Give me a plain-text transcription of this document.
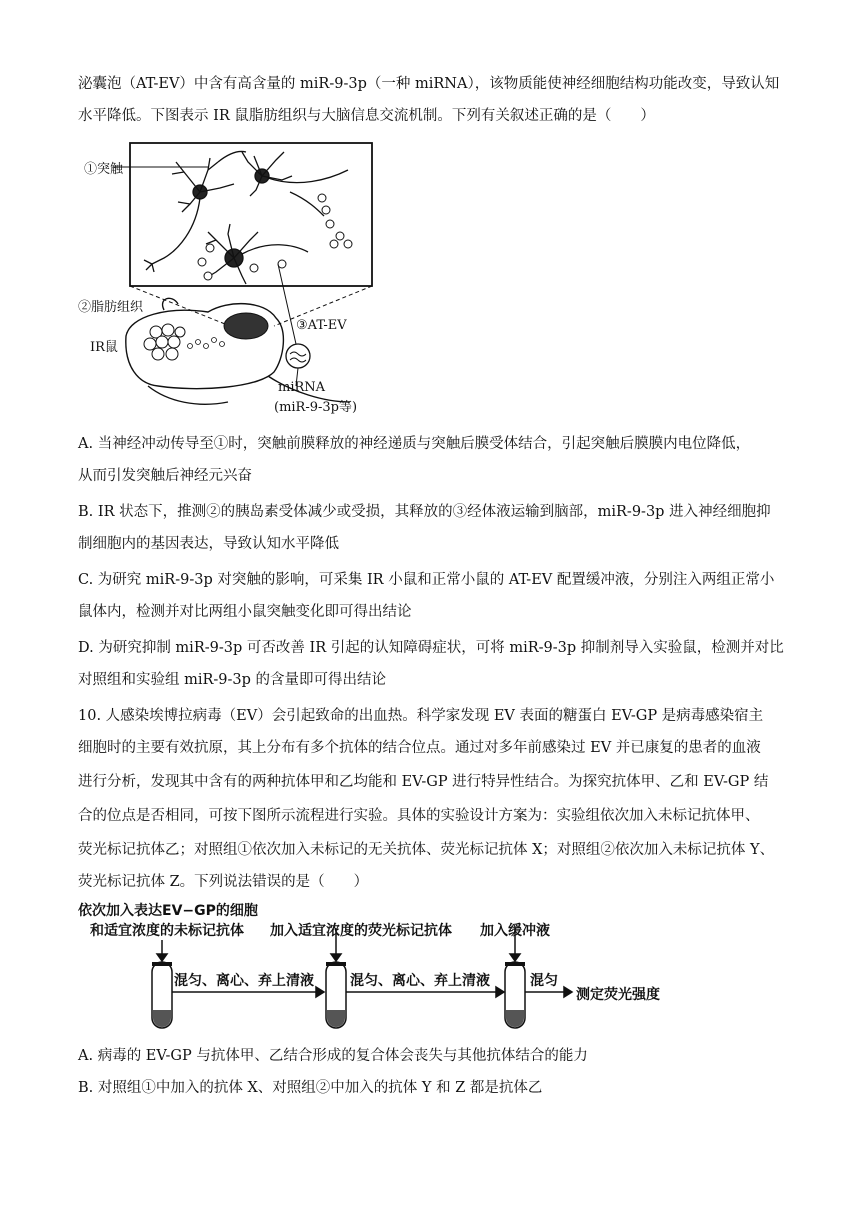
泌囊泡（AT-EV）中含有高含量的 miR-9-3p（一种 miRNA），该物质能使神经细胞结构功能改变，导致认知
水平降低。下图表示 IR 鼠脂肪组织与大脑信息交流机制。下列有关叙述正确的是（　　）
①突触
②脂肪组织
IR鼠
③AT-EV
miRNA
(miR-9-3p等)
A. 当神经冲动传导至①时，突触前膜释放的神经递质与突触后膜受体结合，引起突触后膜膜内电位降低，
从而引发突触后神经元兴奋
B. IR 状态下，推测②的胰岛素受体减少或受损，其释放的③经体液运输到脑部，miR-9-3p 进入神经细胞抑
制细胞内的基因表达，导致认知水平降低
C. 为研究 miR-9-3p 对突触的影响，可采集 IR 小鼠和正常小鼠的 AT-EV 配置缓冲液，分别注入两组正常小
鼠体内，检测并对比两组小鼠突触变化即可得出结论
D. 为研究抑制 miR-9-3p 可否改善 IR 引起的认知障碍症状，可将 miR-9-3p 抑制剂导入实验鼠，检测并对比
对照组和实验组 miR-9-3p 的含量即可得出结论
10. 人感染埃博拉病毒（EV）会引起致命的出血热。科学家发现 EV 表面的糖蛋白 EV-GP 是病毒感染宿主
细胞时的主要有效抗原，其上分布有多个抗体的结合位点。通过对多年前感染过 EV 并已康复的患者的血液
进行分析，发现其中含有的两种抗体甲和乙均能和 EV-GP 进行特异性结合。为探究抗体甲、乙和 EV-GP 结
合的位点是否相同，可按下图所示流程进行实验。具体的实验设计方案为：实验组依次加入未标记抗体甲、
荧光标记抗体乙；对照组①依次加入未标记的无关抗体、荧光标记抗体 X；对照组②依次加入未标记抗体 Y、
荧光标记抗体 Z。下列说法错误的是（　　）
依次加入表达EV−GP的细胞
和适宜浓度的未标记抗体 加入适宜浓度的荧光标记抗体 加入缓冲液
混匀、离心、弃上清液	混匀、离心、弃上清液	混匀
测定荧光强度
A. 病毒的 EV-GP 与抗体甲、乙结合形成的复合体会丧失与其他抗体结合的能力
B. 对照组①中加入的抗体 X、对照组②中加入的抗体 Y 和 Z 都是抗体乙
